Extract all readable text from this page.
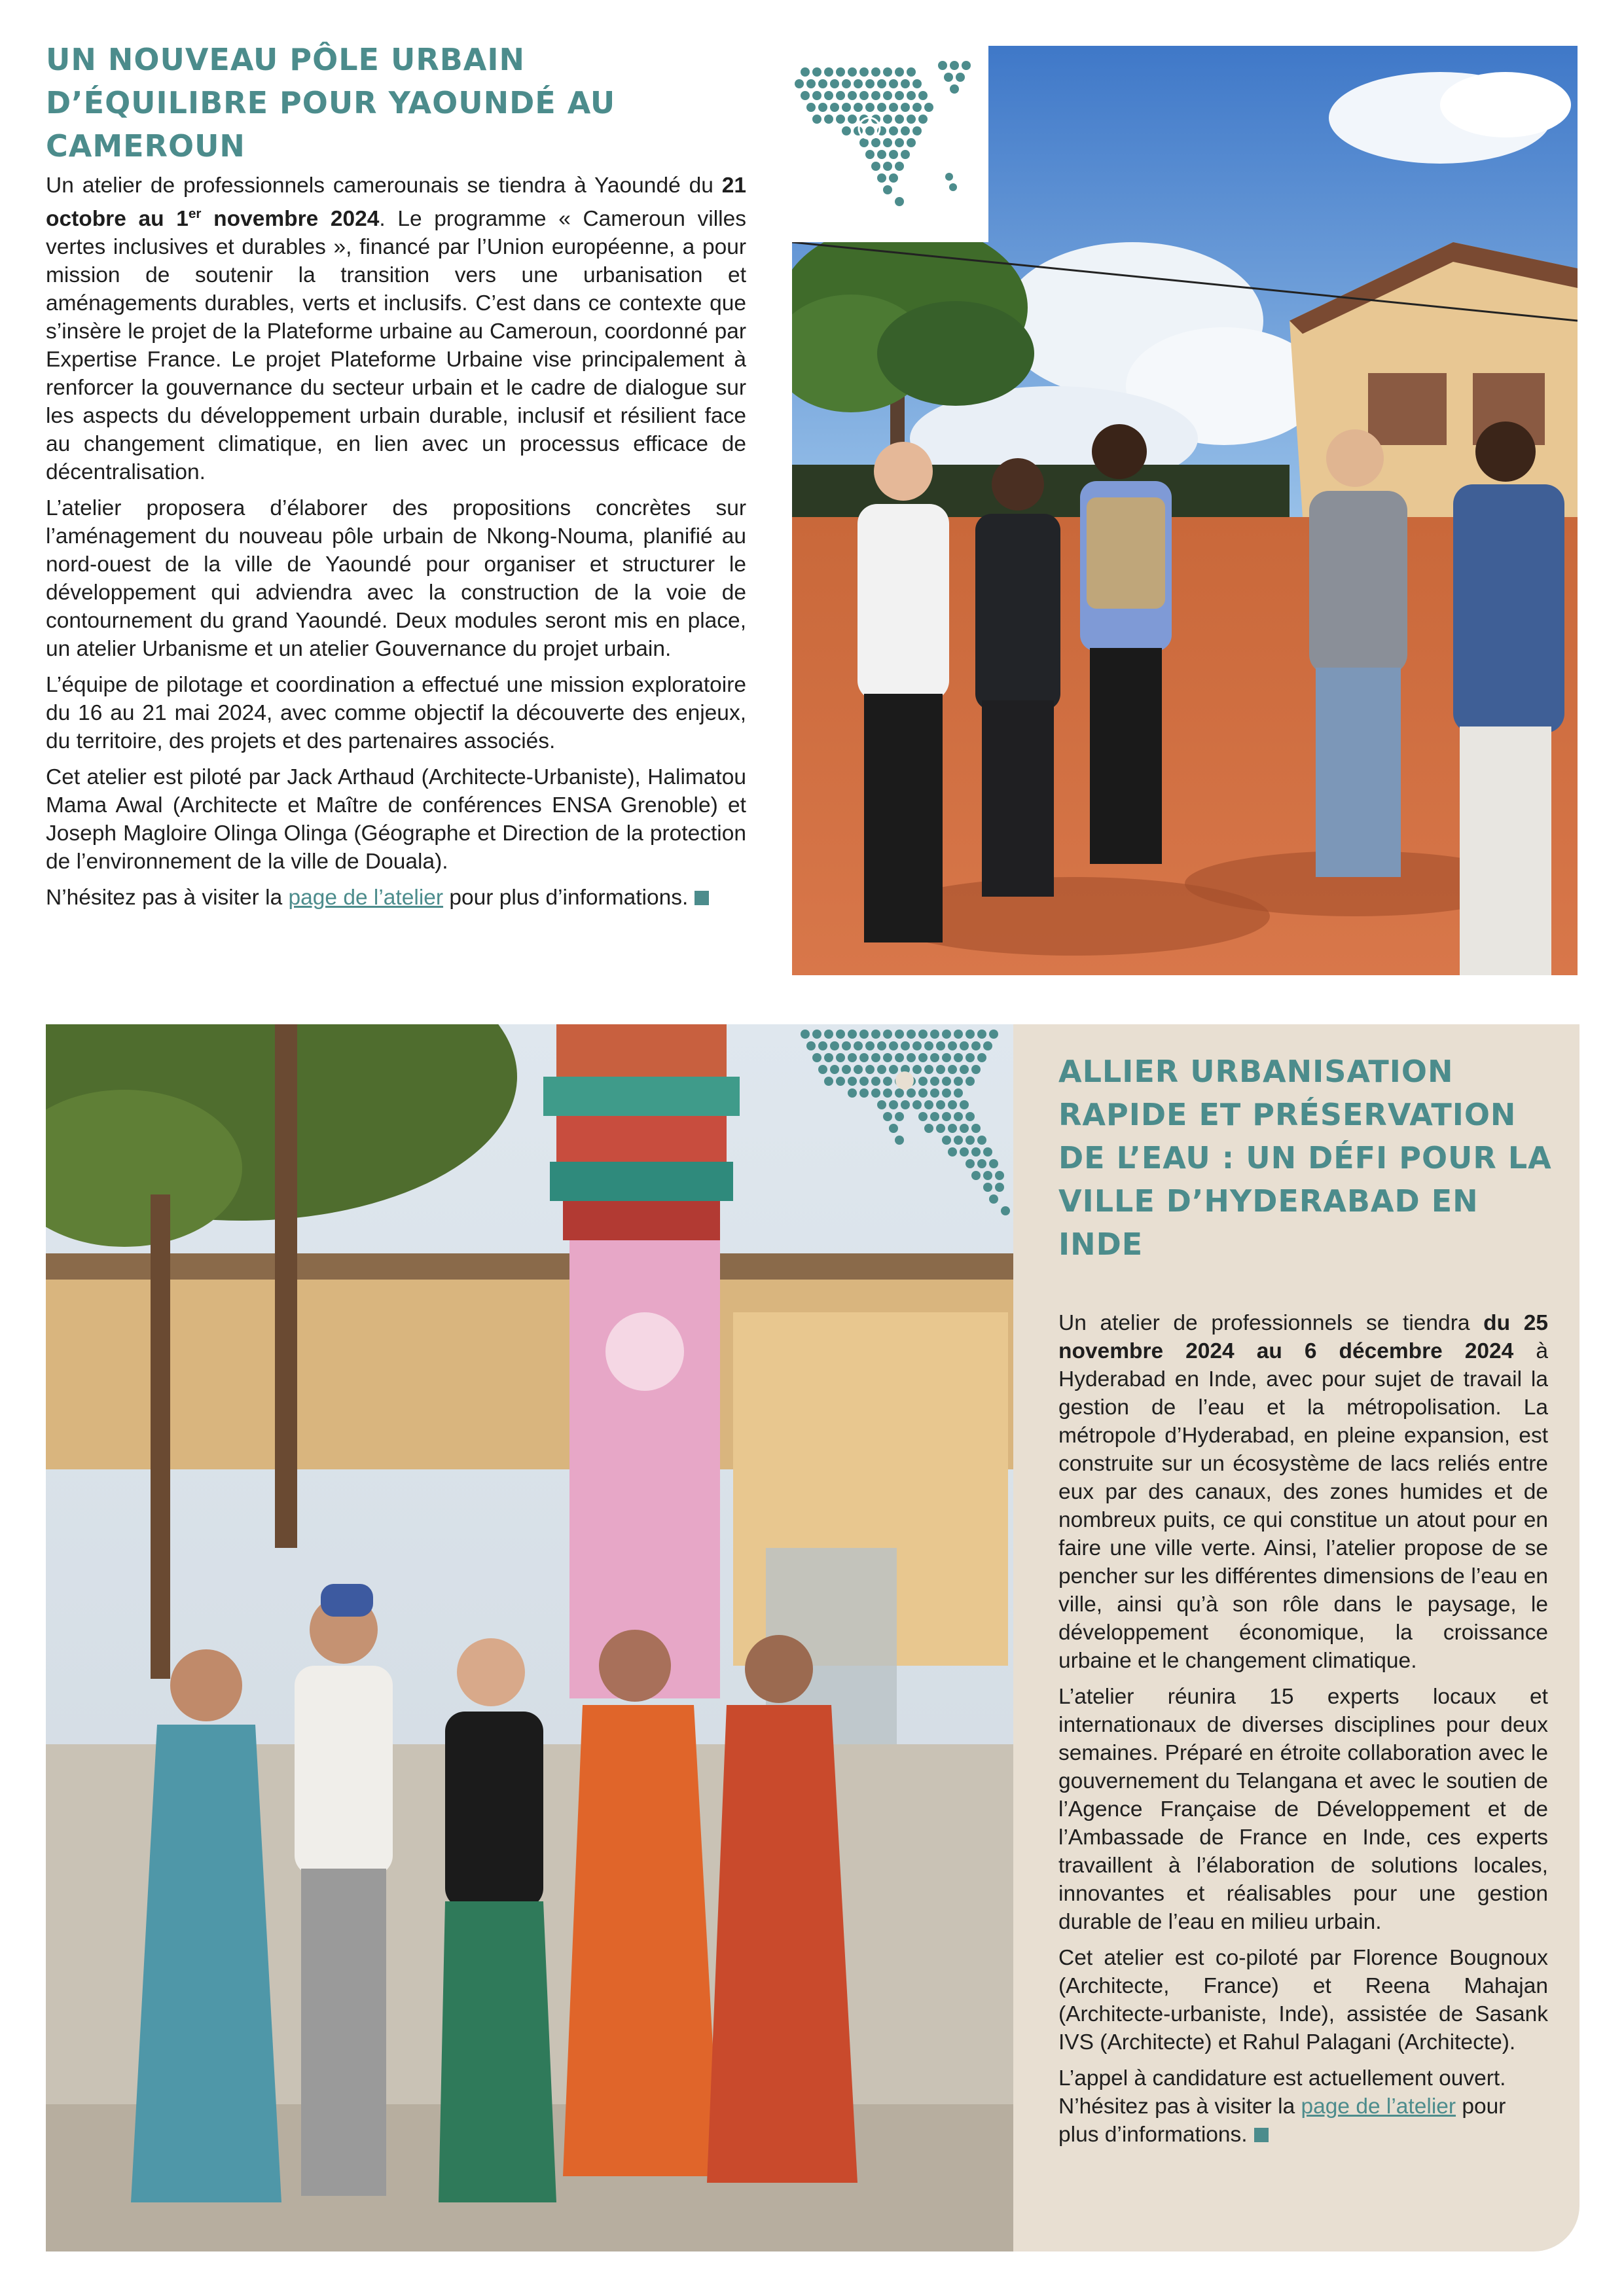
UN NOUVEAU PÔLE URBAIN D’ÉQUILIBRE POUR YAOUNDÉ AU CAMEROUN

Un atelier de professionnels camerounais se tiendra à Yaoundé du 21 octobre au 1er novembre 2024. Le programme « Cameroun villes vertes inclusives et durables », financé par l’Union européenne, a pour mission de soutenir la transition vers une urbanisation et aménagements durables, verts et inclusifs. C’est dans ce contexte que s’insère le projet de la Plateforme urbaine au Cameroun, coordonné par Expertise France. Le projet Plateforme Urbaine vise principalement à renforcer la gouvernance du secteur urbain et le cadre de dialogue sur les aspects du développement urbain durable, inclusif et résilient face au changement climatique, en lien avec un processus efficace de décentralisation.

L’atelier proposera d’élaborer des propositions concrètes sur l’aménagement du nouveau pôle urbain de Nkong-Nouma, planifié au nord-ouest de la ville de Yaoundé pour organiser et structurer le développement qui adviendra avec la construction de la voie de contournement du grand Yaoundé. Deux modules seront mis en place, un atelier Urbanisme et un atelier Gouvernance du projet urbain.

L’équipe de pilotage et coordination a effectué une mission exploratoire du 16 au 21 mai 2024, avec comme objectif la découverte des enjeux, du territoire, des projets et des partenaires associés.

Cet atelier est piloté par Jack Arthaud (Architecte-Urbaniste), Halimatou Mama Awal (Architecte et Maître de conférences ENSA Grenoble) et Joseph Magloire Olinga Olinga (Géographe et Direction de la protection de l’environnement de la ville de Douala).

N’hésitez pas à visiter la page de l’atelier pour plus d’informations.

ALLIER URBANISATION RAPIDE ET PRÉSERVATION DE L’EAU : UN DÉFI POUR LA VILLE D’HYDERABAD EN INDE

Un atelier de professionnels se tiendra du 25 novembre 2024 au 6 décembre 2024 à Hyderabad en Inde, avec pour sujet de travail la gestion de l’eau et la métropolisation. La métropole d’Hyderabad, en pleine expansion, est construite sur un écosystème de lacs reliés entre eux par des canaux, des zones humides et de nombreux puits, ce qui constitue un atout pour en faire une ville verte. Ainsi, l’atelier propose de se pencher sur les différentes dimensions de l’eau en ville, ainsi qu’à son rôle dans le paysage, le développement économique, la croissance urbaine et le changement climatique.

L’atelier réunira 15 experts locaux et internationaux de diverses disciplines pour deux semaines. Préparé en étroite collaboration avec le gouvernement du Telangana et avec le soutien de l’Agence Française de Développement et de l’Ambassade de France en Inde, ces experts travaillent à l’élaboration de solutions locales, innovantes et réalisables pour une gestion durable de l’eau en milieu urbain.

Cet atelier est co-piloté par Florence Bougnoux (Architecte, France) et Reena Mahajan (Architecte-urbaniste, Inde), assistée de Sasank IVS (Architecte) et Rahul Palagani (Architecte).

L’appel à candidature est actuellement ouvert.

N’hésitez pas à visiter la page de l’atelier pour plus d’informations.
